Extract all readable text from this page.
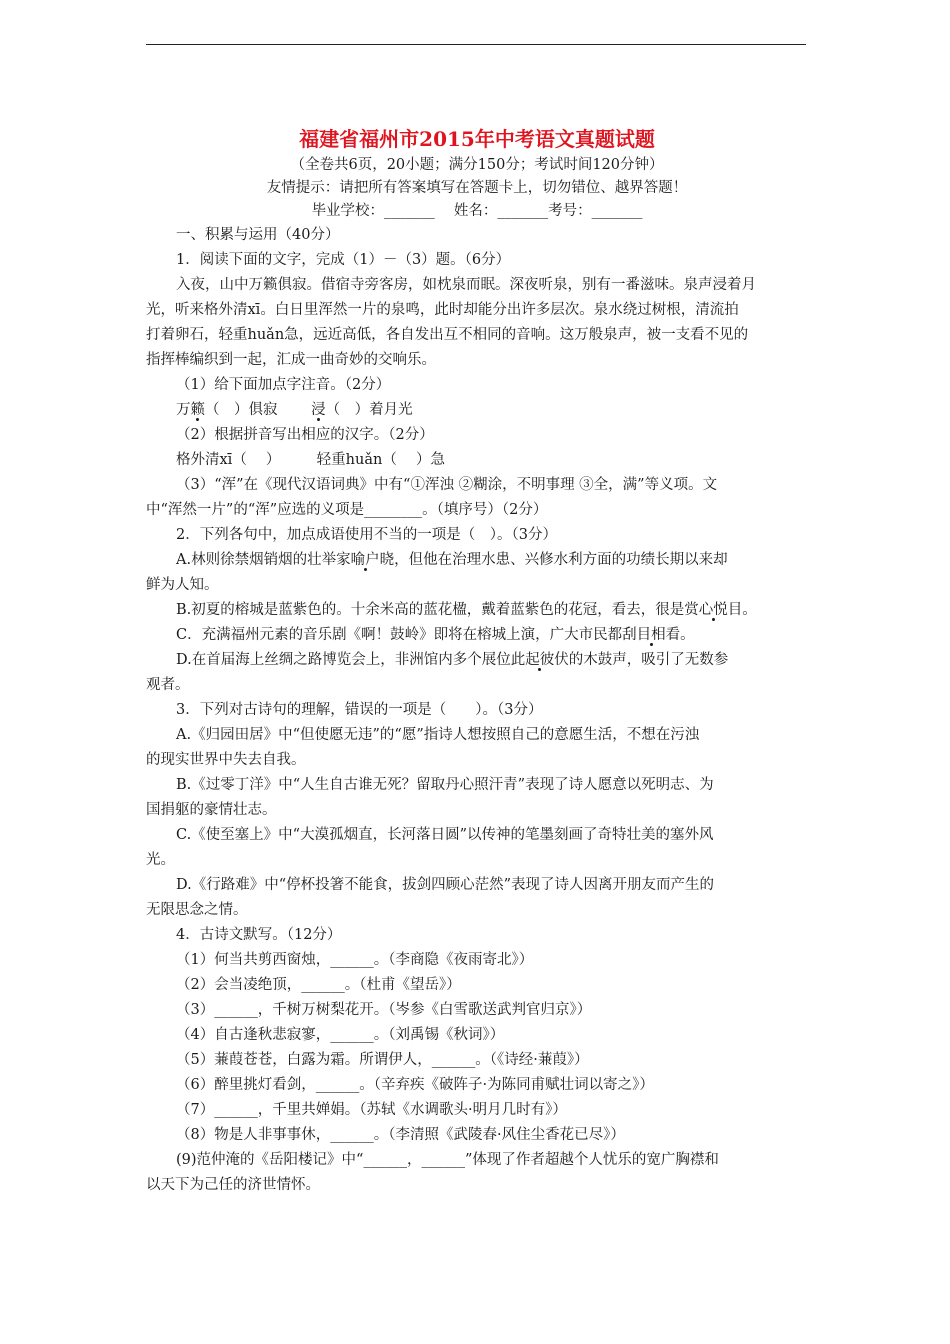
福建省福州市2015年中考语文真题试题

（全卷共6页，20小题；满分150分；考试时间120分钟）

友情提示：请把所有答案填写在答题卡上，切勿错位、越界答题！

毕业学校：_______　 姓名：_______考号：_______

一、积累与运用（40分）

1．阅读下面的文字，完成（1）－（3）题。（6分）

入夜，山中万籁俱寂。借宿寺旁客房，如枕泉而眠。深夜听泉，别有一番滋味。泉声浸着月

光，听来格外清xī。白日里浑然一片的泉鸣，此时却能分出许多层次。泉水绕过树根，清流拍

打着卵石，轻重huǎn急，远近高低，各自发出互不相同的音响。这万般泉声，被一支看不见的

指挥棒编织到一起，汇成一曲奇妙的交响乐。

（1）给下面加点字注音。（2分）

万籁（　）俱寂　　 浸（　）着月光

（2）根据拼音写出相应的汉字。（2分）

格外清xī（　 ）　　　轻重huǎn（　 ）急

（3）“浑”在《现代汉语词典》中有“①浑浊 ②糊涂，不明事理 ③全，满”等义项。文

中“浑然一片”的“浑”应选的义项是________。（填序号）（2分）

2．下列各句中，加点成语使用不当的一项是（　）。（3分）

A.林则徐禁烟销烟的壮举家喻户晓，但他在治理水患、兴修水利方面的功绩长期以来却

鲜为人知。

B.初夏的榕城是蓝紫色的。十余米高的蓝花楹，戴着蓝紫色的花冠，看去，很是赏心悦目。

C．充满福州元素的音乐剧《啊！鼓岭》即将在榕城上演，广大市民都刮目相看。

D.在首届海上丝绸之路博览会上，非洲馆内多个展位此起彼伏的木鼓声，吸引了无数参

观者。

3．下列对古诗句的理解，错误的一项是（　　）。（3分）

A.《归园田居》中“但使愿无违”的“愿”指诗人想按照自己的意愿生活，不想在污浊

的现实世界中失去自我。

B.《过零丁洋》中“人生自古谁无死？留取丹心照汗青”表现了诗人愿意以死明志、为

国捐躯的豪情壮志。

C.《使至塞上》中“大漠孤烟直，长河落日圆”以传神的笔墨刻画了奇特壮美的塞外风

光。

D.《行路难》中“停杯投箸不能食，拔剑四顾心茫然”表现了诗人因离开朋友而产生的

无限思念之情。

4．古诗文默写。（12分）

（1）何当共剪西窗烛，______。（李商隐《夜雨寄北》）

（2）会当凌绝顶，______。（杜甫《望岳》）

（3）______，千树万树梨花开。（岑参《白雪歌送武判官归京》）

（4）自古逢秋悲寂寥，______。（刘禹锡《秋词》）

（5）蒹葭苍苍，白露为霜。所谓伊人，______。（《诗经·蒹葭》）

（6）醉里挑灯看剑，______。（辛弃疾《破阵子·为陈同甫赋壮词以寄之》）

（7）______，千里共婵娟。（苏轼《水调歌头·明月几时有》）

（8）物是人非事事休，______。（李清照《武陵春·风住尘香花已尽》）

(9)范仲淹的《岳阳楼记》中“______，______”体现了作者超越个人忧乐的宽广胸襟和

以天下为己任的济世情怀。
